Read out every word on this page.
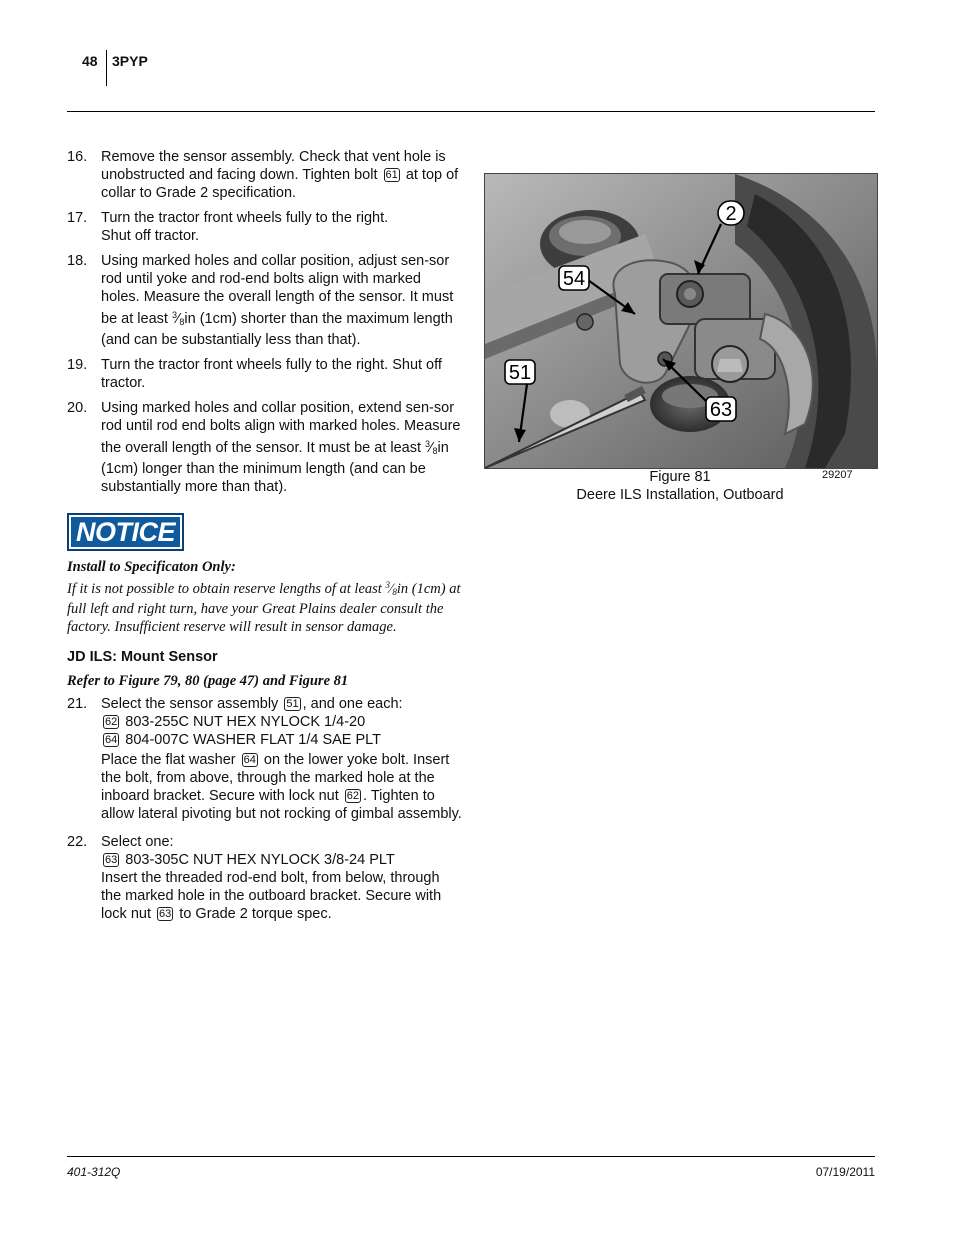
48 3PYP
16. Remove the sensor assembly. Check that vent hole is unobstructed and facing down. Tighten bolt 61 at top of collar to Grade 2 specification.
17. Turn the tractor front wheels fully to the right.
Shut off tractor.
18. Using marked holes and collar position, adjust sen-sor rod until yoke and rod-end bolts align with marked holes. Measure the overall length of the sensor. It must be at least $^3⁄_8in$ (1cm) shorter than the maximum length (and can be substantially less than that).
19. Turn the tractor front wheels fully to the right. Shut off tractor.
20. Using marked holes and collar position, extend sen-sor rod until rod end bolts align with marked holes. Measure the overall length of the sensor. It must be at least $^3⁄_8in$ (1cm) longer than the minimum length (and can be substantially more than that).
NOTICE
Install to Specificaton Only:
If it is not possible to obtain reserve lengths of at least $^3⁄_8in$ (1cm) at full left and right turn, have your Great Plains dealer consult the factory. Insufficient reserve will result in sensor damage.
JD ILS: Mount Sensor
Refer to Figure 79, 80 (page 47) and Figure 81
21. Select the sensor assembly 51 , and one each:
62 803-255C NUT HEX NYLOCK 1/4-20
64 804-007C WASHER FLAT 1/4 SAE PLT
Place the flat washer 64 on the lower yoke bolt. Insert the bolt, from above, through the marked hole at the inboard bracket. Secure with lock nut 62 . Tighten to allow lateral pivoting but not rocking of gimbal assembly.
22. Select one:
63 803-305C NUT HEX NYLOCK 3/8-24 PLT
Insert the threaded rod-end bolt, from below, through the marked hole in the outboard bracket. Secure with lock nut 63 to Grade 2 torque spec.
2
54
51
63
Figure 81
Deere ILS Installation, Outboard
29207
401-312Q	07/19/2011
